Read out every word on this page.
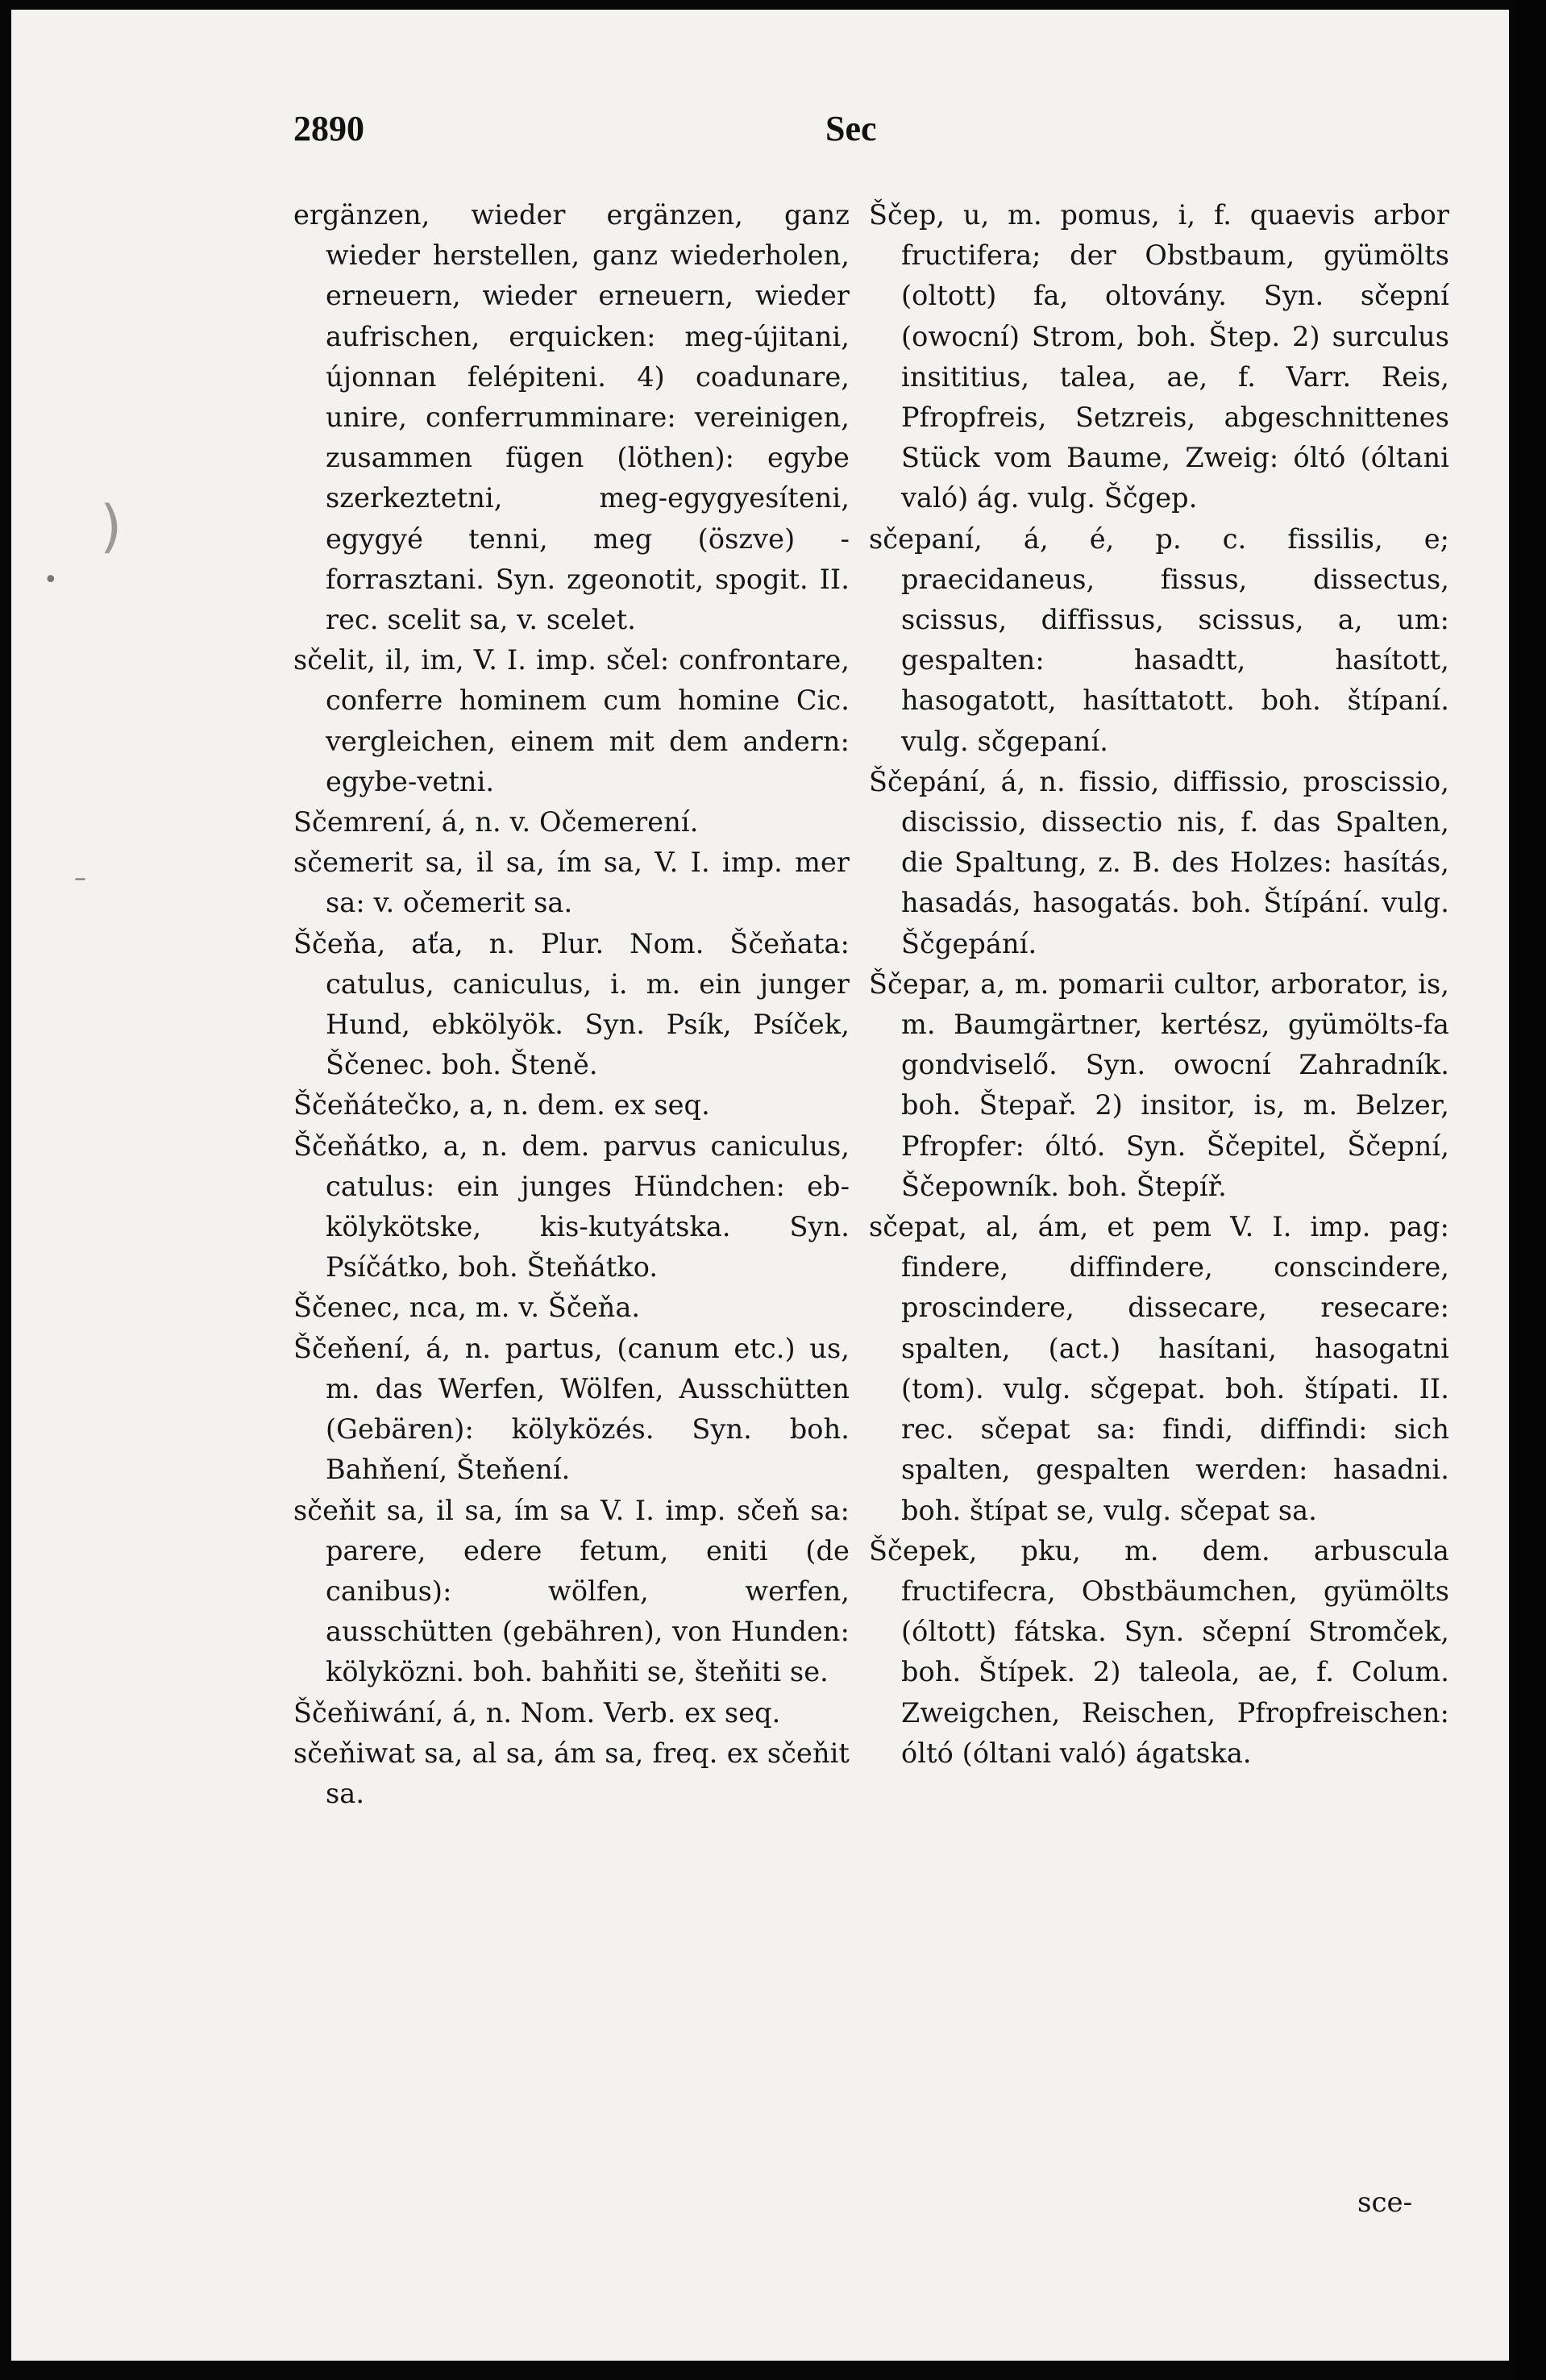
2890	Sec

ergänzen, wieder ergänzen, ganz wieder herstellen, ganz wiederholen, erneuern, wieder erneuern, wieder aufrischen, erquicken: meg-újitani, újonnan felépiteni. 4) coadunare, unire, conferrumminare: vereinigen, zusammen fügen (löthen): egybe szerkeztetni, meg-egygyesíteni, egygyé tenni, meg (öszve) - forrasztani. Syn. zgeonotit, spogit. II. rec. scelit sa, v. scelet.

sčelit, il, im, V. I. imp. sčel: confrontare, conferre hominem cum homine Cic. vergleichen, einem mit dem andern: egybe-vetni.

Sčemrení, á, n. v. Očemerení.

sčemerit sa, il sa, ím sa, V. I. imp. mer sa: v. očemerit sa.

Ščeňa, aťa, n. Plur. Nom. Ščeňata: catulus, caniculus, i. m. ein junger Hund, ebkölyök. Syn. Psík, Psíček, Ščenec. boh. Šteně.

Ščeňátečko, a, n. dem. ex seq.

Ščeňátko, a, n. dem. parvus caniculus, catulus: ein junges Hündchen: eb-kölykötske, kis-kutyátska. Syn. Psíčátko, boh. Šteňátko.

Ščenec, nca, m. v. Ščeňa.

Ščeňení, á, n. partus, (canum etc.) us, m. das Werfen, Wölfen, Ausschütten (Gebären): kölyközés. Syn. boh. Bahňení, Šteňení.

sčeňit sa, il sa, ím sa V. I. imp. sčeň sa: parere, edere fetum, eniti (de canibus): wölfen, werfen, ausschütten (gebähren), von Hunden: kölyközni. boh. bahňiti se, šteňiti se.

Ščeňiwání, á, n. Nom. Verb. ex seq.

sčeňiwat sa, al sa, ám sa, freq. ex sčeňit sa.

Ščep, u, m. pomus, i, f. quaevis arbor fructifera; der Obstbaum, gyümölts (oltott) fa, oltovány. Syn. sčepní (owocní) Strom, boh. Štep. 2) surculus insititius, talea, ae, f. Varr. Reis, Pfropfreis, Setzreis, abgeschnittenes Stück vom Baume, Zweig: óltó (óltani való) ág. vulg. Ščgep.

sčepaní, á, é, p. c. fissilis, e; praecidaneus, fissus, dissectus, scissus, diffissus, scissus, a, um: gespalten: hasadtt, hasított, hasogatott, hasíttatott. boh. štípaní. vulg. sčgepaní.

Ščepání, á, n. fissio, diffissio, proscissio, discissio, dissectio nis, f. das Spalten, die Spaltung, z. B. des Holzes: hasítás, hasadás, hasogatás. boh. Štípání. vulg. Ščgepání.

Ščepar, a, m. pomarii cultor, arborator, is, m. Baumgärtner, kertész, gyümölts-fa gondviselő. Syn. owocní Zahradník. boh. Štepař. 2) insitor, is, m. Belzer, Pfropfer: óltó. Syn. Ščepitel, Ščepní, Ščepowník. boh. Štepíř.

sčepat, al, ám, et pem V. I. imp. pag: findere, diffindere, conscindere, proscindere, dissecare, resecare: spalten, (act.) hasítani, hasogatni (tom). vulg. sčgepat. boh. štípati. II. rec. sčepat sa: findi, diffindi: sich spalten, gespalten werden: hasadni. boh. štípat se, vulg. sčepat sa.

Ščepek, pku, m. dem. arbuscula fructifecra, Obstbäumchen, gyümölts (óltott) fátska. Syn. sčepní Stromček, boh. Štípek. 2) taleola, ae, f. Colum. Zweigchen, Reischen, Pfropfreischen: óltó (óltani való) ágatska.

sce-
)
•
–
